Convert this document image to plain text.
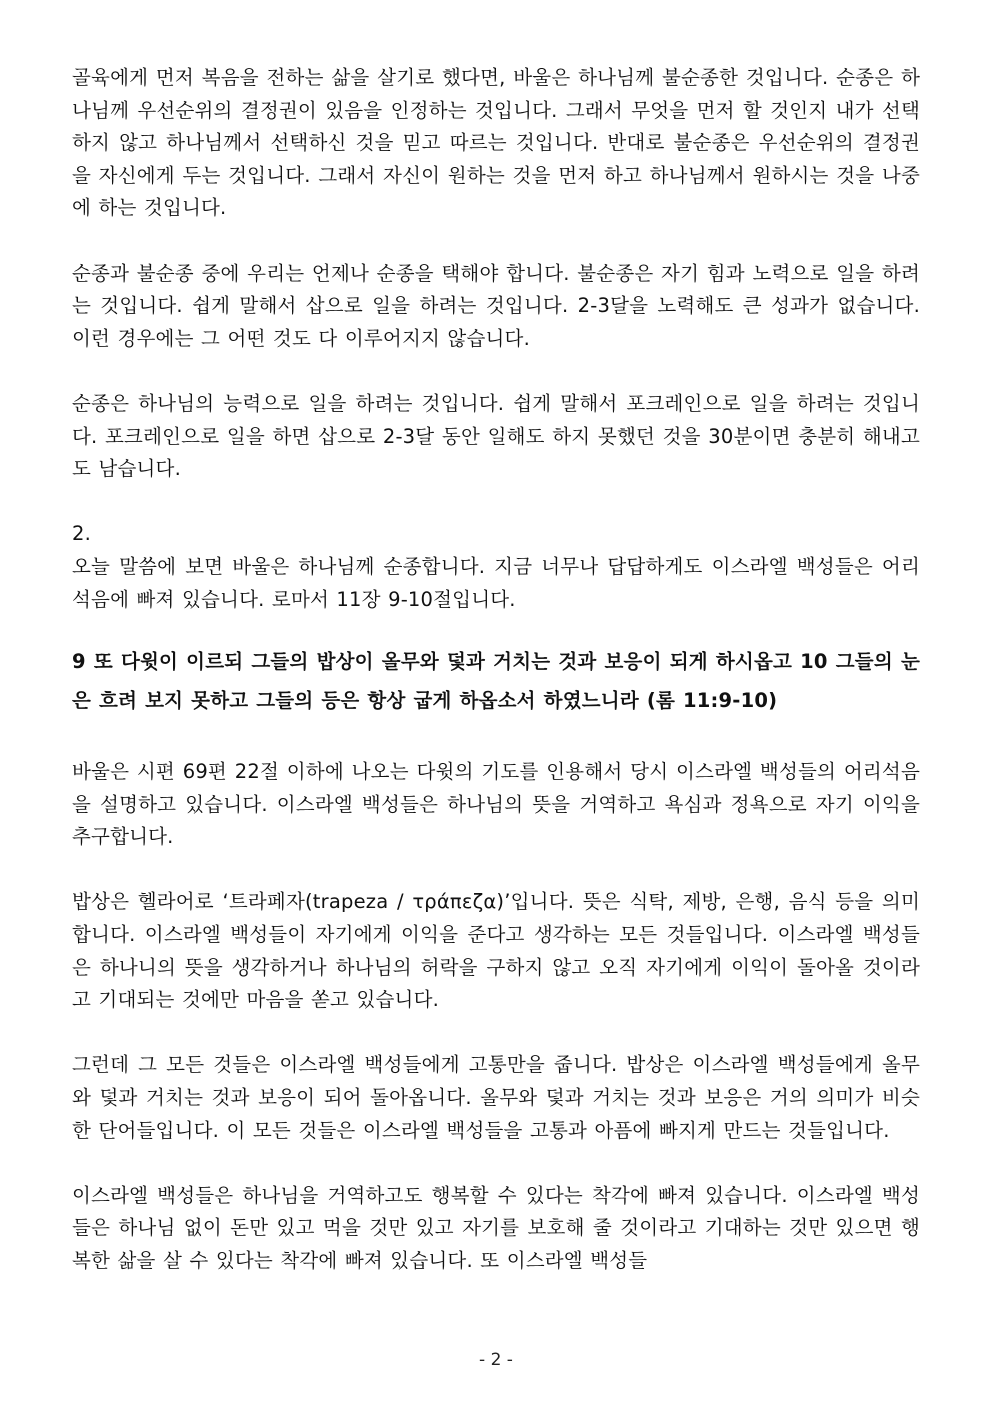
골육에게 먼저 복음을 전하는 삶을 살기로 했다면, 바울은 하나님께 불순종한 것입니다. 순종은 하나님께 우선순위의 결정권이 있음을 인정하는 것입니다. 그래서 무엇을 먼저 할 것인지 내가 선택하지 않고 하나님께서 선택하신 것을 믿고 따르는 것입니다. 반대로 불순종은 우선순위의 결정권을 자신에게 두는 것입니다. 그래서 자신이 원하는 것을 먼저 하고 하나님께서 원하시는 것을 나중에 하는 것입니다.

순종과 불순종 중에 우리는 언제나 순종을 택해야 합니다. 불순종은 자기 힘과 노력으로 일을 하려는 것입니다. 쉽게 말해서 삽으로 일을 하려는 것입니다. 2-3달을 노력해도 큰 성과가 없습니다. 이런 경우에는 그 어떤 것도 다 이루어지지 않습니다.

순종은 하나님의 능력으로 일을 하려는 것입니다. 쉽게 말해서 포크레인으로 일을 하려는 것입니다. 포크레인으로 일을 하면 삽으로 2-3달 동안 일해도 하지 못했던 것을 30분이면 충분히 해내고도 남습니다.

2.

오늘 말씀에 보면 바울은 하나님께 순종합니다. 지금 너무나 답답하게도 이스라엘 백성들은 어리석음에 빠져 있습니다. 로마서 11장 9-10절입니다.

9 또 다윗이 이르되 그들의 밥상이 올무와 덫과 거치는 것과 보응이 되게 하시옵고 10 그들의 눈은 흐려 보지 못하고 그들의 등은 항상 굽게 하옵소서 하였느니라 (롬 11:9-10)

바울은 시편 69편 22절 이하에 나오는 다윗의 기도를 인용해서 당시 이스라엘 백성들의 어리석음을 설명하고 있습니다. 이스라엘 백성들은 하나님의 뜻을 거역하고 욕심과 정욕으로 자기 이익을 추구합니다.

밥상은 헬라어로 ‘트라페자(trapeza / τράπεζα)’입니다. 뜻은 식탁, 제방, 은행, 음식 등을 의미합니다. 이스라엘 백성들이 자기에게 이익을 준다고 생각하는 모든 것들입니다. 이스라엘 백성들은 하나니의 뜻을 생각하거나 하나님의 허락을 구하지 않고 오직 자기에게 이익이 돌아올 것이라고 기대되는 것에만 마음을 쏟고 있습니다.

그런데 그 모든 것들은 이스라엘 백성들에게 고통만을 줍니다. 밥상은 이스라엘 백성들에게 올무와 덫과 거치는 것과 보응이 되어 돌아옵니다. 올무와 덫과 거치는 것과 보응은 거의 의미가 비슷한 단어들입니다. 이 모든 것들은 이스라엘 백성들을 고통과 아픔에 빠지게 만드는 것들입니다.

이스라엘 백성들은 하나님을 거역하고도 행복할 수 있다는 착각에 빠져 있습니다. 이스라엘 백성들은 하나님 없이 돈만 있고 먹을 것만 있고 자기를 보호해 줄 것이라고 기대하는 것만 있으면 행복한 삶을 살 수 있다는 착각에 빠져 있습니다. 또 이스라엘 백성들

- 2 -
